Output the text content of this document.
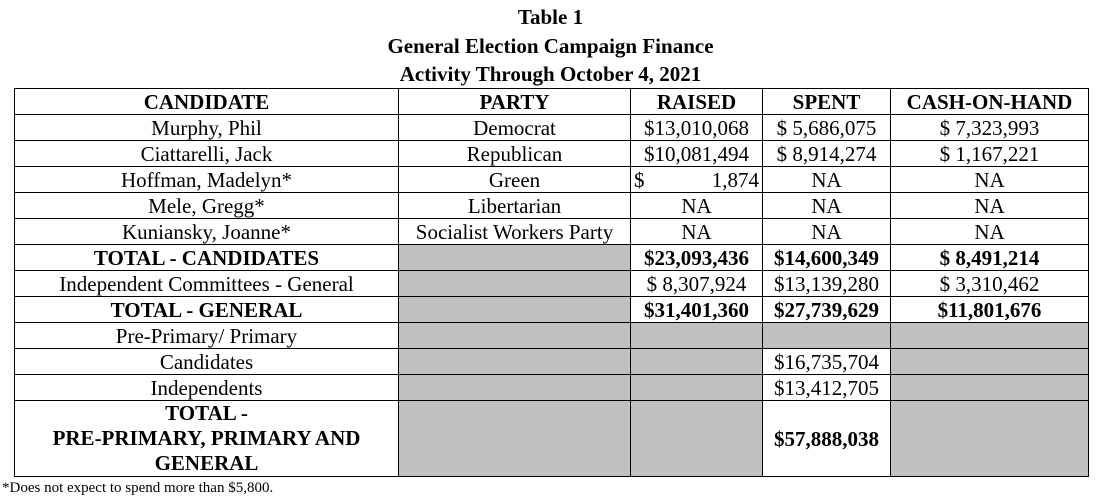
Table 1
General Election Campaign Finance
Activity Through October 4, 2021
CANDIDATE	PARTY	RAISED	SPENT	CASH-ON-HAND
Murphy, Phil	Democrat	$13,010,068	$ 5,686,075	$ 7,323,993
Ciattarelli, Jack	Republican	$10,081,494	$ 8,914,274	$ 1,167,221
Hoffman, Madelyn*	Green	$ 1,874	NA	NA
Mele, Gregg*	Libertarian	NA	NA	NA
Kuniansky, Joanne*	Socialist Workers Party	NA	NA	NA
TOTAL - CANDIDATES		$23,093,436	$14,600,349	$ 8,491,214
Independent Committees - General		$ 8,307,924	$13,139,280	$ 3,310,462
TOTAL - GENERAL		$31,401,360	$27,739,629	$11,801,676
Pre-Primary/ Primary				
Candidates			$16,735,704	
Independents			$13,412,705	

TOTAL -
PRE-PRIMARY, PRIMARY AND
GENERAL			$57,888,038	
*Does not expect to spend more than $5,800.
